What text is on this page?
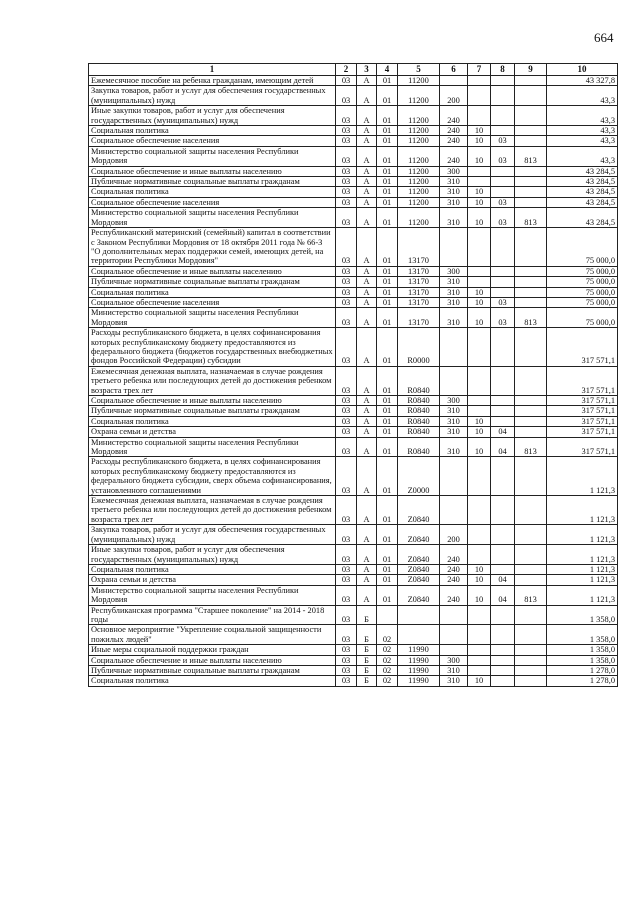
664
1	2	3	4	5	6	7	8	9	10
Ежемесячное пособие на ребенка гражданам, имеющим детей	03	А	01	11200					43 327,8
Закупка товаров, работ и услуг для обеспечения государственных (муниципальных) нужд	03	А	01	11200	200				43,3
Иные закупки товаров, работ и услуг для обеспечения государственных (муниципальных) нужд	03	А	01	11200	240				43,3
Социальная политика	03	А	01	11200	240	10			43,3
Социальное обеспечение населения	03	А	01	11200	240	10	03		43,3
Министерство социальной защиты населения Республики Мордовия	03	А	01	11200	240	10	03	813	43,3
Социальное обеспечение и иные выплаты населению	03	А	01	11200	300				43 284,5
Публичные нормативные социальные выплаты гражданам	03	А	01	11200	310				43 284,5
Социальная политика	03	А	01	11200	310	10			43 284,5
Социальное обеспечение населения	03	А	01	11200	310	10	03		43 284,5
Министерство социальной защиты населения Республики Мордовия	03	А	01	11200	310	10	03	813	43 284,5
Республиканский материнский (семейный) капитал в соответствии с Законом Республики Мордовия от 18 октября 2011 года № 66-З "О дополнительных мерах поддержки семей, имеющих детей, на территории Республики Мордовия"	03	А	01	13170					75 000,0
Социальное обеспечение и иные выплаты населению	03	А	01	13170	300				75 000,0
Публичные нормативные социальные выплаты гражданам	03	А	01	13170	310				75 000,0
Социальная политика	03	А	01	13170	310	10			75 000,0
Социальное обеспечение населения	03	А	01	13170	310	10	03		75 000,0
Министерство социальной защиты населения Республики Мордовия	03	А	01	13170	310	10	03	813	75 000,0
Расходы республиканского бюджета, в целях софинансирования которых республиканскому бюджету предоставляются из федерального бюджета (бюджетов государственных внебюджетных фондов Российской Федерации) субсидии	03	А	01	R0000					317 571,1
Ежемесячная денежная выплата, назначаемая в случае рождения третьего ребенка или последующих детей до достижения ребенком возраста трех лет	03	А	01	R0840					317 571,1
Социальное обеспечение и иные выплаты населению	03	А	01	R0840	300				317 571,1
Публичные нормативные социальные выплаты гражданам	03	А	01	R0840	310				317 571,1
Социальная политика	03	А	01	R0840	310	10			317 571,1
Охрана семьи и детства	03	А	01	R0840	310	10	04		317 571,1
Министерство социальной защиты населения Республики Мордовия	03	А	01	R0840	310	10	04	813	317 571,1
Расходы республиканского бюджета, в целях софинансирования которых республиканскому бюджету предоставляются из федерального бюджета субсидии, сверх объема софинансирования, установленного соглашениями	03	А	01	Z0000					1 121,3
Ежемесячная денежная выплата, назначаемая в случае рождения третьего ребенка или последующих детей до достижения ребенком возраста трех лет	03	А	01	Z0840					1 121,3
Закупка товаров, работ и услуг для обеспечения государственных (муниципальных) нужд	03	А	01	Z0840	200				1 121,3
Иные закупки товаров, работ и услуг для обеспечения государственных (муниципальных) нужд	03	А	01	Z0840	240				1 121,3
Социальная политика	03	А	01	Z0840	240	10			1 121,3
Охрана семьи и детства	03	А	01	Z0840	240	10	04		1 121,3
Министерство социальной защиты населения Республики Мордовия	03	А	01	Z0840	240	10	04	813	1 121,3
Республиканская программа "Старшее поколение" на 2014 - 2018 годы	03	Б							1 358,0
Основное мероприятие "Укрепление социальной защищенности пожилых людей"	03	Б	02						1 358,0
Иные меры социальной поддержки граждан	03	Б	02	11990					1 358,0
Социальное обеспечение и иные выплаты населению	03	Б	02	11990	300				1 358,0
Публичные нормативные социальные выплаты гражданам	03	Б	02	11990	310				1 278,0
Социальная политика	03	Б	02	11990	310	10			1 278,0
